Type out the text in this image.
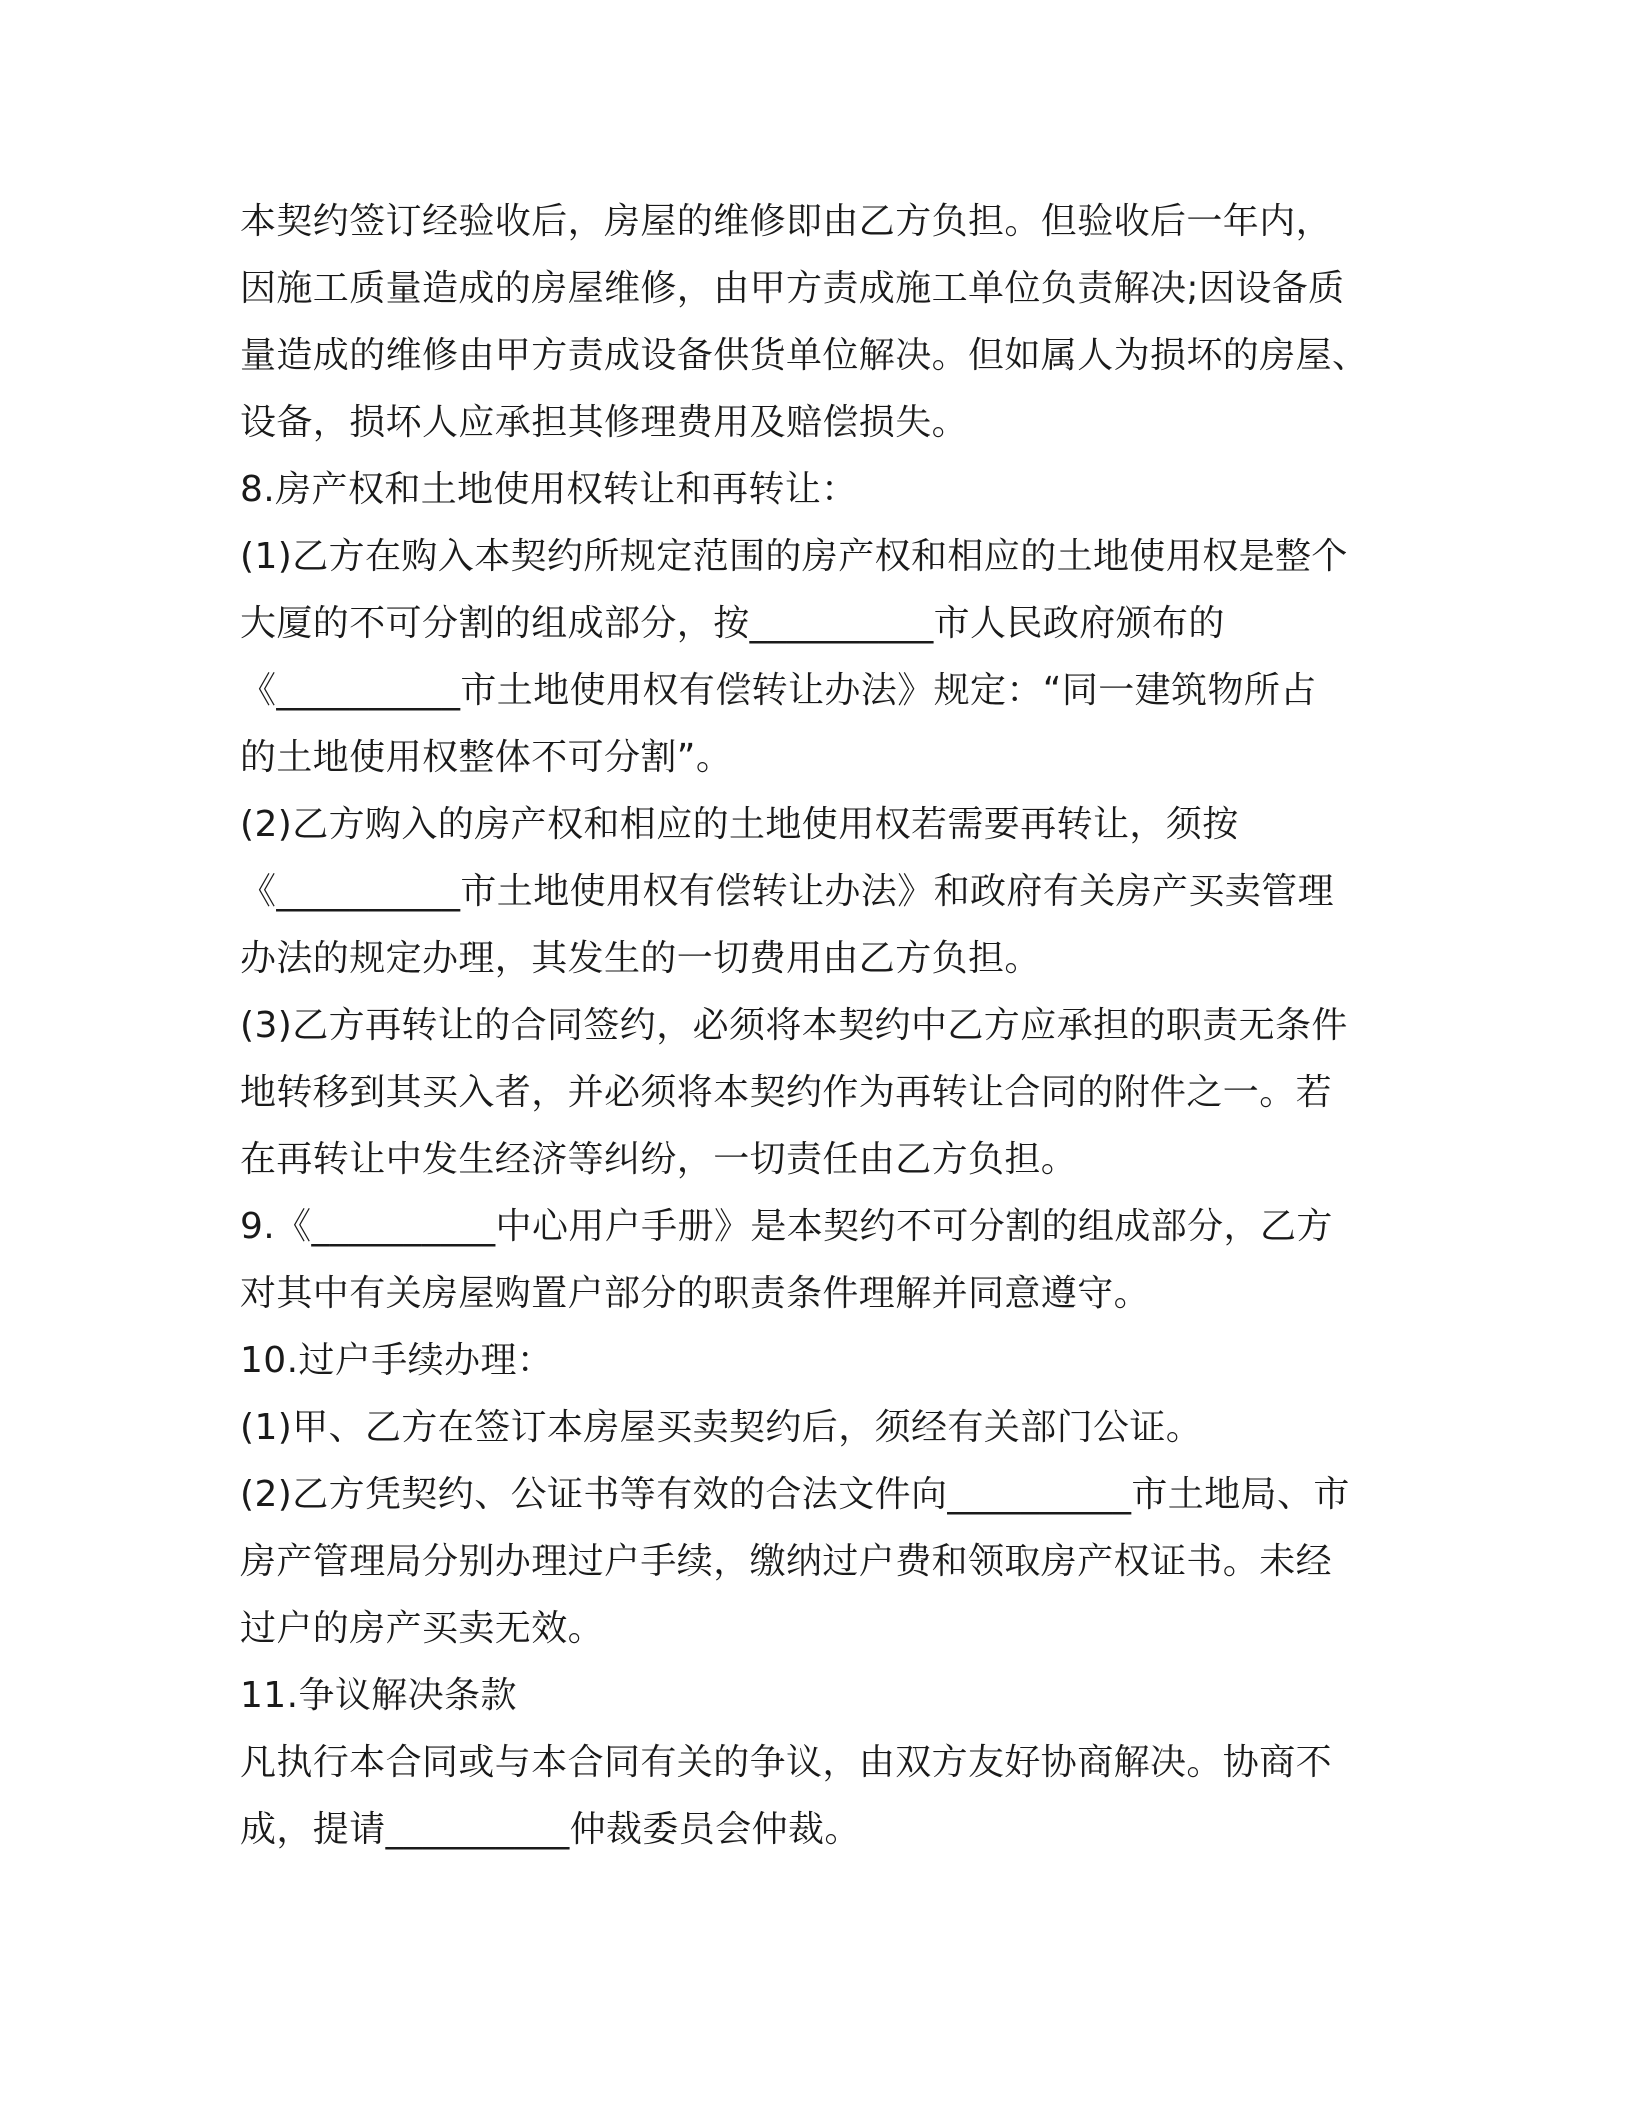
本契约签订经验收后，房屋的维修即由乙方负担。但验收后一年内，
因施工质量造成的房屋维修，由甲方责成施工单位负责解决;因设备质
量造成的维修由甲方责成设备供货单位解决。但如属人为损坏的房屋、
设备，损坏人应承担其修理费用及赔偿损失。
8.房产权和土地使用权转让和再转让：
(1)乙方在购入本契约所规定范围的房产权和相应的土地使用权是整个
大厦的不可分割的组成部分，按__________市人民政府颁布的
《__________市土地使用权有偿转让办法》规定：“同一建筑物所占
的土地使用权整体不可分割”。
(2)乙方购入的房产权和相应的土地使用权若需要再转让，须按
《__________市土地使用权有偿转让办法》和政府有关房产买卖管理
办法的规定办理，其发生的一切费用由乙方负担。
(3)乙方再转让的合同签约，必须将本契约中乙方应承担的职责无条件
地转移到其买入者，并必须将本契约作为再转让合同的附件之一。若
在再转让中发生经济等纠纷，一切责任由乙方负担。
9.《__________中心用户手册》是本契约不可分割的组成部分，乙方
对其中有关房屋购置户部分的职责条件理解并同意遵守。
10.过户手续办理：
(1)甲、乙方在签订本房屋买卖契约后，须经有关部门公证。
(2)乙方凭契约、公证书等有效的合法文件向__________市土地局、市
房产管理局分别办理过户手续，缴纳过户费和领取房产权证书。未经
过户的房产买卖无效。
11.争议解决条款
凡执行本合同或与本合同有关的争议，由双方友好协商解决。协商不
成，提请__________仲裁委员会仲裁。
